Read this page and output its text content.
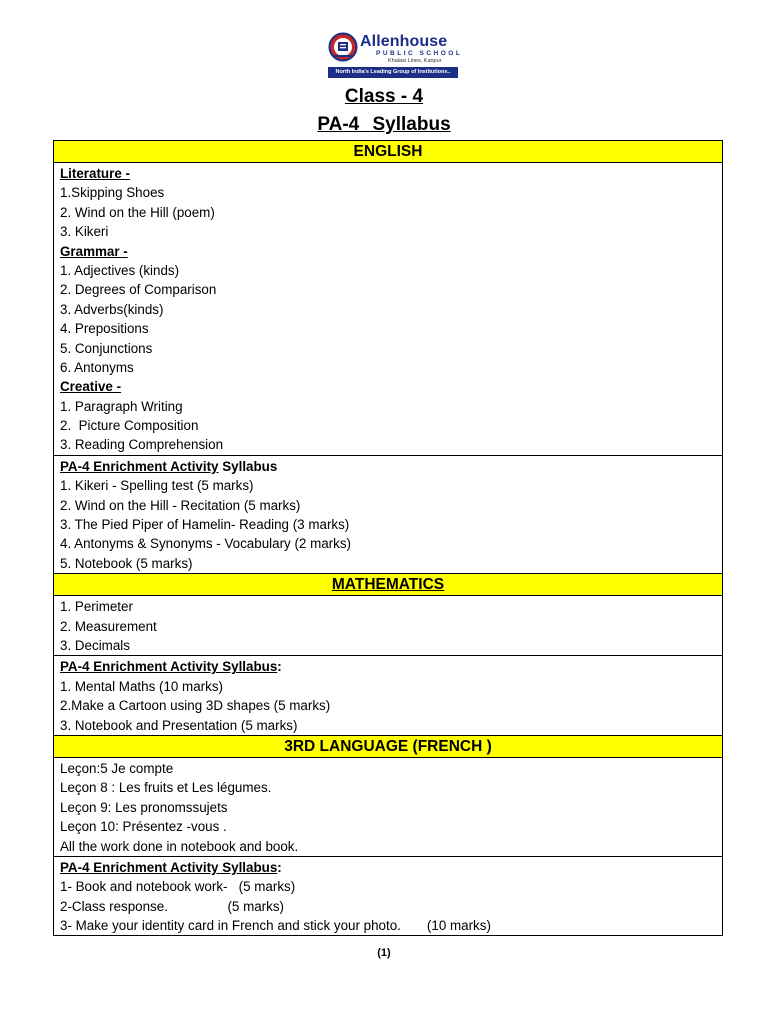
Allenhouse
PUBLIC SCHOOL
Khalasi Lines, Kanpur
North India's Leading Group of Institutions..
Class - 4
PA-4 Syllabus
ENGLISH
Literature -
1.Skipping Shoes
2. Wind on the Hill (poem)
3. Kikeri
Grammar -
1. Adjectives (kinds)
2. Degrees of Comparison
3. Adverbs(kinds)
4. Prepositions
5. Conjunctions
6. Antonyms
Creative -
1. Paragraph Writing
2.  Picture Composition
3. Reading Comprehension
PA-4 Enrichment Activity Syllabus
1. Kikeri - Spelling test (5 marks)
2. Wind on the Hill - Recitation (5 marks)
3. The Pied Piper of Hamelin- Reading (3 marks)
4. Antonyms & Synonyms - Vocabulary (2 marks)
5. Notebook (5 marks)
MATHEMATICS
1. Perimeter
2. Measurement
3. Decimals
PA-4 Enrichment Activity Syllabus:
1. Mental Maths (10 marks)
2.Make a Cartoon using 3D shapes (5 marks)
3. Notebook and Presentation (5 marks)
3RD LANGUAGE (FRENCH )
Leçon:5 Je compte
Leçon 8 : Les fruits et Les légumes.
Leçon 9: Les pronomssujets
Leçon 10: Présentez -vous .
All the work done in notebook and book.
PA-4 Enrichment Activity Syllabus:
1- Book and notebook work-   (5 marks)
2-Class response.                (5 marks)
3- Make your identity card in French and stick your photo.       (10 marks)
(1)
